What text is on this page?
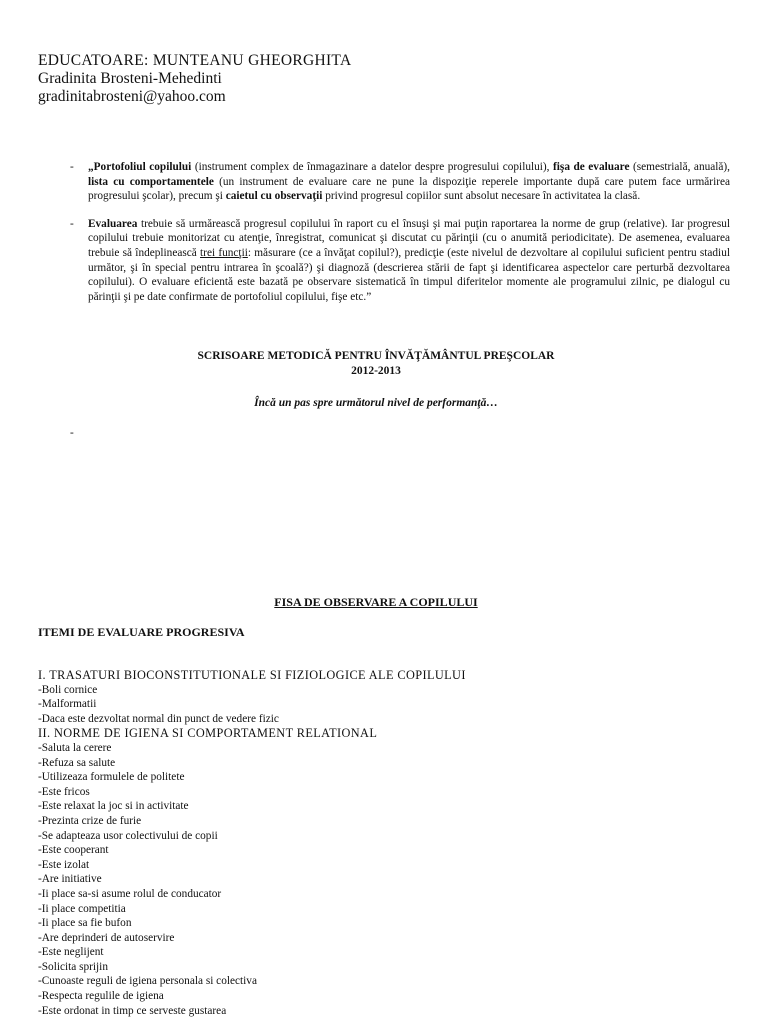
EDUCATOARE: MUNTEANU GHEORGHITA

Gradinita Brosteni-Mehedinti

gradinitabrosteni@yahoo.com

- „Portofoliul copilului (instrument complex de înmagazinare a datelor despre progresului copilului), fişa de evaluare (semestrială, anuală), lista cu comportamentele (un instrument de evaluare care ne pune la dispoziţie reperele importante după care putem face urmărirea progresului şcolar), precum şi caietul cu observaţii privind progresul copiilor sunt absolut necesare în activitatea la clasă.
- Evaluarea trebuie să urmărească progresul copilului în raport cu el însuşi şi mai puţin raportarea la norme de grup (relative). Iar progresul copilului trebuie monitorizat cu atenţie, înregistrat, comunicat şi discutat cu părinţii (cu o anumită periodicitate). De asemenea, evaluarea trebuie să îndeplinească trei funcţii: măsurare (ce a învăţat copilul?), predicţie (este nivelul de dezvoltare al copilului suficient pentru stadiul următor, şi în special pentru intrarea în şcoală?) şi diagnoză (descrierea stării de fapt şi identificarea aspectelor care perturbă dezvoltarea copilului). O evaluare eficientă este bazată pe observare sistematică în timpul diferitelor momente ale programului zilnic, pe dialogul cu părinţii şi pe date confirmate de portofoliul copilului, fişe etc.”
SCRISOARE METODICĂ PENTRU ÎNVĂŢĂMÂNTUL PREŞCOLAR
2012-2013
Încă un pas spre următorul nivel de performanţă…
-
FISA DE OBSERVARE A COPILULUI
ITEMI DE EVALUARE PROGRESIVA
I. TRASATURI BIOCONSTITUTIONALE SI FIZIOLOGICE ALE COPILULUI
-Boli cornice
-Malformatii
-Daca este dezvoltat normal din punct de vedere fizic
II. NORME DE IGIENA SI COMPORTAMENT RELATIONAL
-Saluta la cerere
-Refuza sa salute
-Utilizeaza formulele de politete
-Este fricos
-Este relaxat la joc si in activitate
-Prezinta crize de furie
-Se adapteaza usor colectivului de copii
-Este cooperant
-Este izolat
-Are initiative
-Ii place sa-si asume rolul de conducator
-Ii place competitia
-Ii place sa fie bufon
-Are deprinderi de autoservire
-Este neglijent
-Solicita sprijin
-Cunoaste reguli de igiena personala si colectiva
-Respecta regulile de igiena
-Este ordonat in timp ce serveste gustarea
